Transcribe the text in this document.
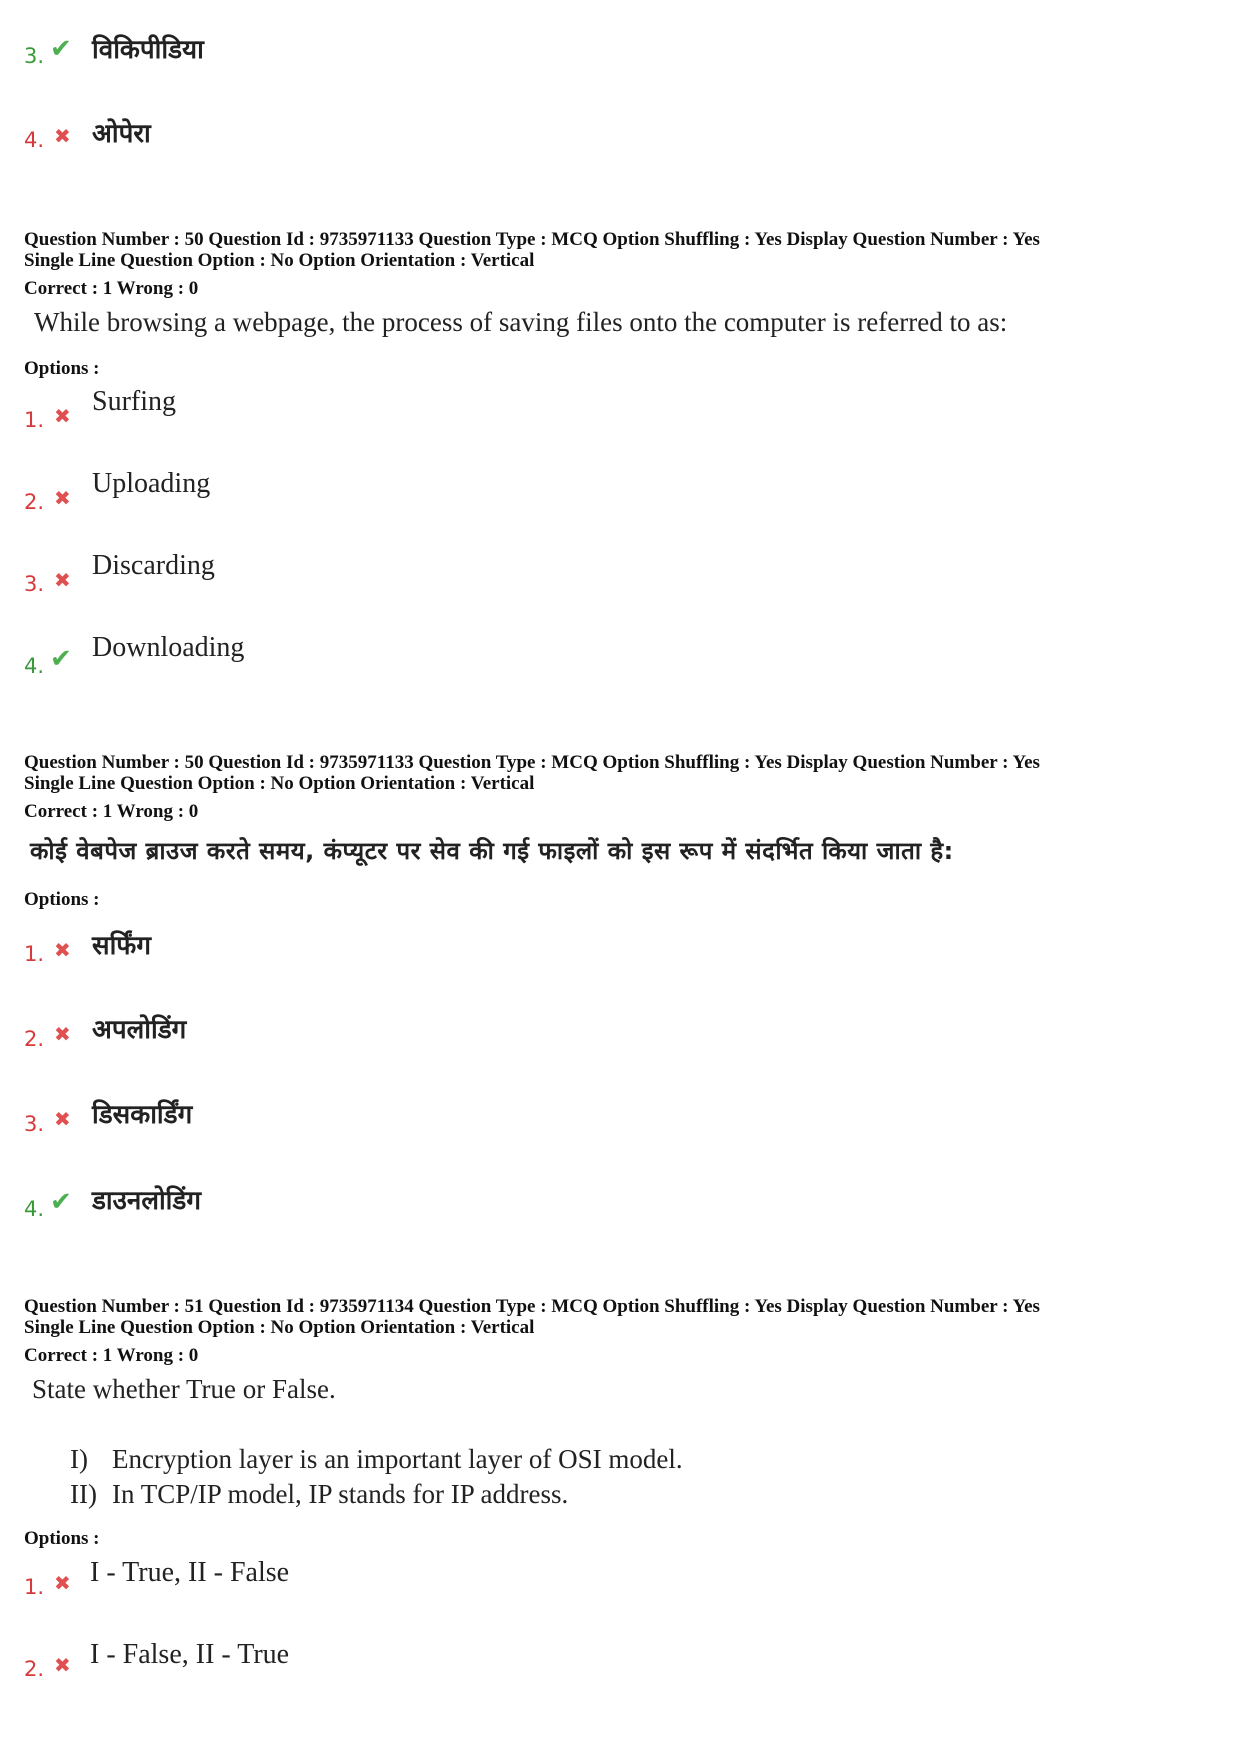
3. ✔ विकिपीडिया
4. ✖ ओपेरा
Question Number : 50 Question Id : 9735971133 Question Type : MCQ Option Shuffling : Yes Display Question Number : Yes
Single Line Question Option : No Option Orientation : Vertical
Correct : 1 Wrong : 0
While browsing a webpage, the process of saving files onto the computer is referred to as:
Options :
1. ✖ Surfing
2. ✖ Uploading
3. ✖ Discarding
4. ✔ Downloading
Question Number : 50 Question Id : 9735971133 Question Type : MCQ Option Shuffling : Yes Display Question Number : Yes
Single Line Question Option : No Option Orientation : Vertical
Correct : 1 Wrong : 0
कोई वेबपेज ब्राउज करते समय, कंप्यूटर पर सेव की गई फाइलों को इस रूप में संदर्भित किया जाता है:
Options :
1. ✖ सर्फिंग
2. ✖ अपलोडिंग
3. ✖ डिसकार्डिंग
4. ✔ डाउनलोडिंग
Question Number : 51 Question Id : 9735971134 Question Type : MCQ Option Shuffling : Yes Display Question Number : Yes
Single Line Question Option : No Option Orientation : Vertical
Correct : 1 Wrong : 0
State whether True or False.
I) Encryption layer is an important layer of OSI model.
II) In TCP/IP model, IP stands for IP address.
Options :
1. ✖ I - True, II - False
2. ✖ I - False, II - True
